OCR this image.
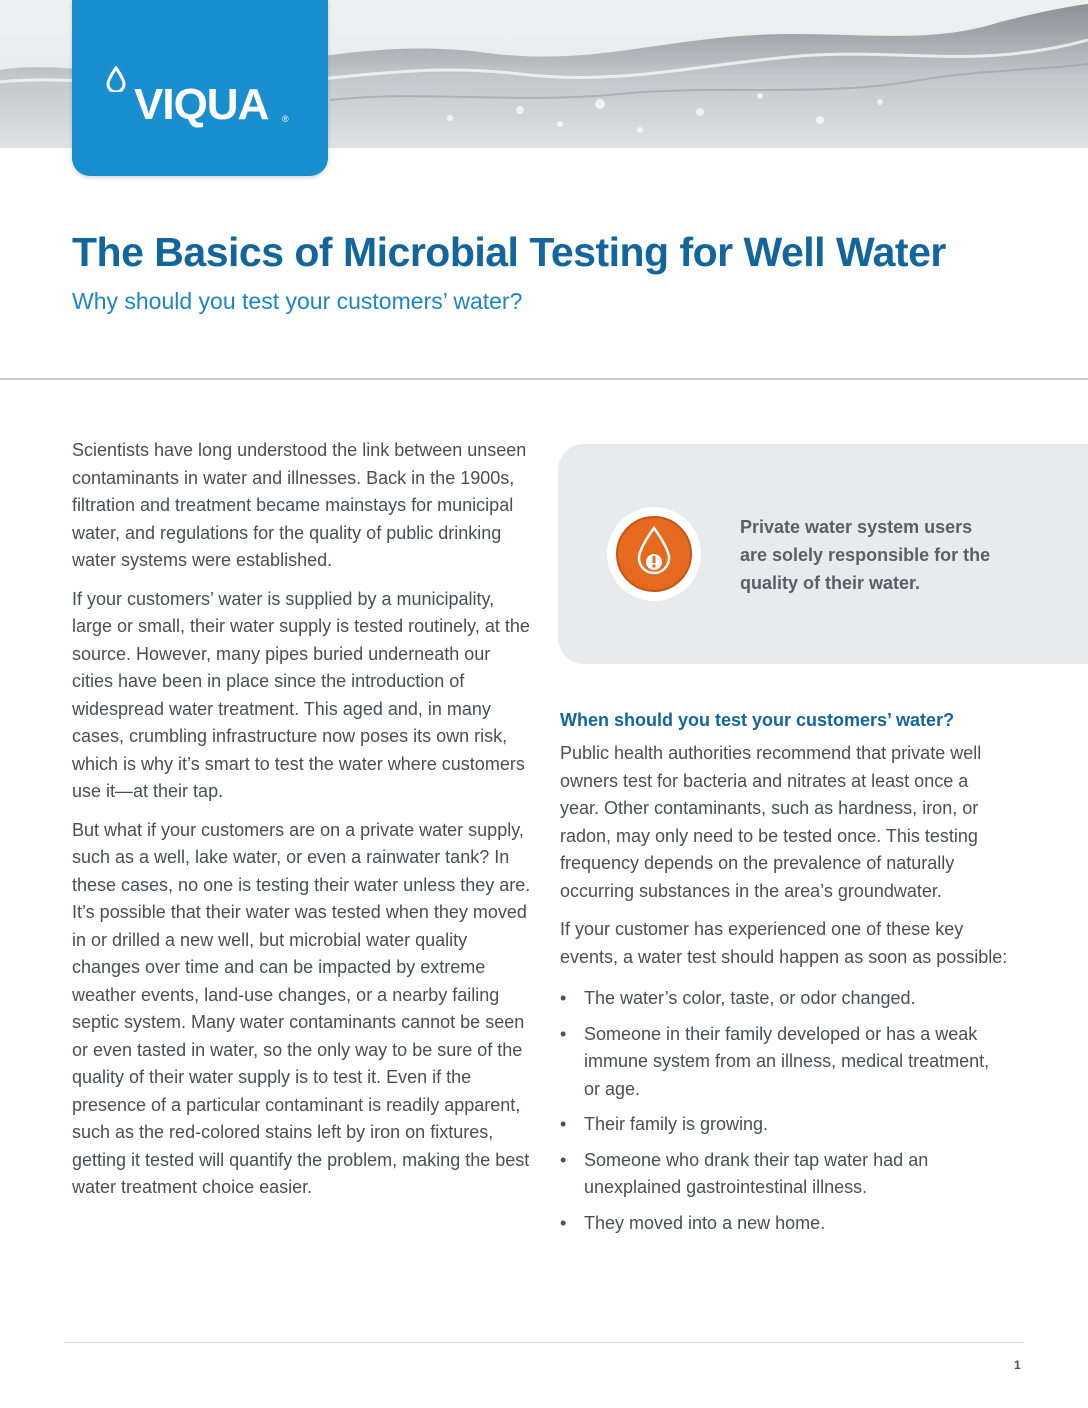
VIQUA ®
The Basics of Microbial Testing for Well Water

Why should you test your customers’ water?

Scientists have long understood the link between unseen contaminants in water and illnesses. Back in the 1900s, filtration and treatment became mainstays for municipal water, and regulations for the quality of public drinking water systems were established.

If your customers’ water is supplied by a municipality, large or small, their water supply is tested routinely, at the source. However, many pipes buried underneath our cities have been in place since the introduction of widespread water treatment. This aged and, in many cases, crumbling infrastructure now poses its own risk, which is why it’s smart to test the water where customers use it—at their tap.

But what if your customers are on a private water supply, such as a well, lake water, or even a rainwater tank? In these cases, no one is testing their water unless they are. It’s possible that their water was tested when they moved in or drilled a new well, but microbial water quality changes over time and can be impacted by extreme weather events, land-use changes, or a nearby failing septic system. Many water contaminants cannot be seen or even tasted in water, so the only way to be sure of the quality of their water supply is to test it. Even if the presence of a particular contaminant is readily apparent, such as the red-colored stains left by iron on fixtures, getting it tested will quantify the problem, making the best water treatment choice easier.

Private water system users are solely responsible for the quality of their water.
When should you test your customers’ water?

Public health authorities recommend that private well owners test for bacteria and nitrates at least once a year. Other contaminants, such as hardness, iron, or radon, may only need to be tested once. This testing frequency depends on the prevalence of naturally occurring substances in the area’s groundwater.

If your customer has experienced one of these key events, a water test should happen as soon as possible:

• The water’s color, taste, or odor changed.
• Someone in their family developed or has a weak immune system from an illness, medical treatment, or age.
• Their family is growing.
• Someone who drank their tap water had an unexplained gastrointestinal illness.
• They moved into a new home.
1
